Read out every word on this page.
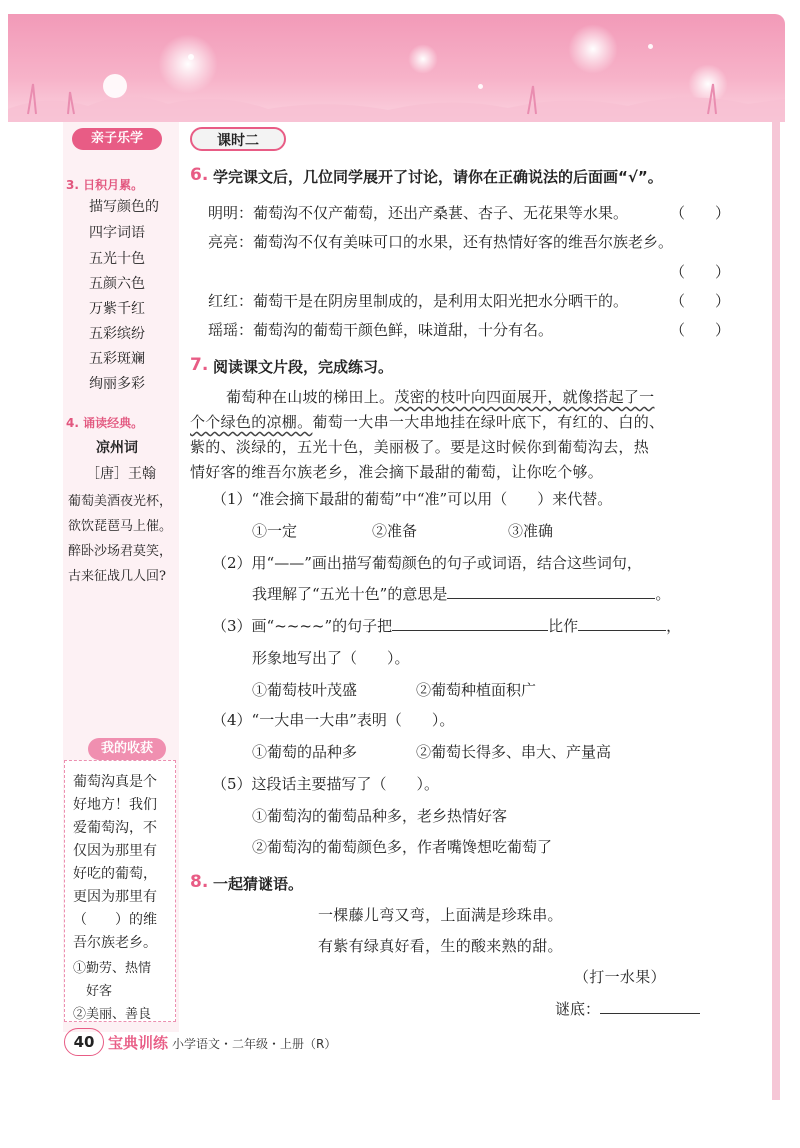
亲子乐学
3. 日积月累。
描写颜色的
四字词语
五光十色
五颜六色
万紫千红
五彩缤纷
五彩斑斓
绚丽多彩
4. 诵读经典。
凉州词
［唐］王翰
葡萄美酒夜光杯，
欲饮琵琶马上催。
醉卧沙场君莫笑，
古来征战几人回?
我的收获
葡萄沟真是个
好地方！我们
爱葡萄沟，不
仅因为那里有
好吃的葡萄，
更因为那里有
（　　）的维
吾尔族老乡。
①勤劳、热情
　好客
②美丽、善良
课时二
6. 学完课文后，几位同学展开了讨论，请你在正确说法的后面画“√”。
明明：葡萄沟不仅产葡萄，还出产桑葚、杏子、无花果等水果。	（　　）
亮亮：葡萄沟不仅有美味可口的水果，还有热情好客的维吾尔族老乡。
（　　）
红红：葡萄干是在阴房里制成的，是利用太阳光把水分晒干的。	（　　）
瑶瑶：葡萄沟的葡萄干颜色鲜，味道甜，十分有名。	（　　）
7. 阅读课文片段，完成练习。
葡萄种在山坡的梯田上。茂密的枝叶向四面展开，就像搭起了一
个个绿色的凉棚。葡萄一大串一大串地挂在绿叶底下，有红的、白的、
紫的、淡绿的，五光十色，美丽极了。要是这时候你到葡萄沟去，热
情好客的维吾尔族老乡，准会摘下最甜的葡萄，让你吃个够。
（1）“准会摘下最甜的葡萄”中“准”可以用（　　）来代替。
①一定	②准备	③准确
（2）用“——”画出描写葡萄颜色的句子或词语，结合这些词句，
我理解了“五光十色”的意思是	。
（3）画“~~~~”的句子把	比作	，
形象地写出了（　　）。
①葡萄枝叶茂盛	②葡萄种植面积广
（4）“一大串一大串”表明（　　）。
①葡萄的品种多	②葡萄长得多、串大、产量高
（5）这段话主要描写了（　　）。
①葡萄沟的葡萄品种多，老乡热情好客
②葡萄沟的葡萄颜色多，作者嘴馋想吃葡萄了
8. 一起猜谜语。
一棵藤儿弯又弯，上面满是珍珠串。
有紫有绿真好看，生的酸来熟的甜。
（打一水果）
谜底：
40 宝典训练 小学语文・二年级・上册（R）
